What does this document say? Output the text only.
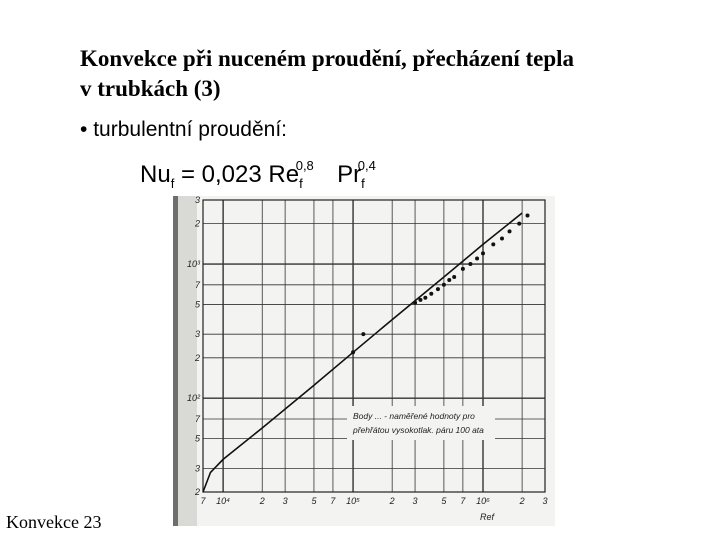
Konvekce při nuceném proudění, přecházení tepla
v trubkách (3)
• turbulentní proudění:
$Nu_f = 0,023$ $Re_f^{0,8}$ $Pr_f^{0,4}$
7 10⁴	2 3	5 7 10⁵	2 3	5 7 10⁶	2 3
2
3
5
7
10²
2
3
5
7
10³
2
3
Body ... - naměřené hodnoty pro
přehřátou vysokotlak. páru 100 ata
Ref
Konvekce 23
